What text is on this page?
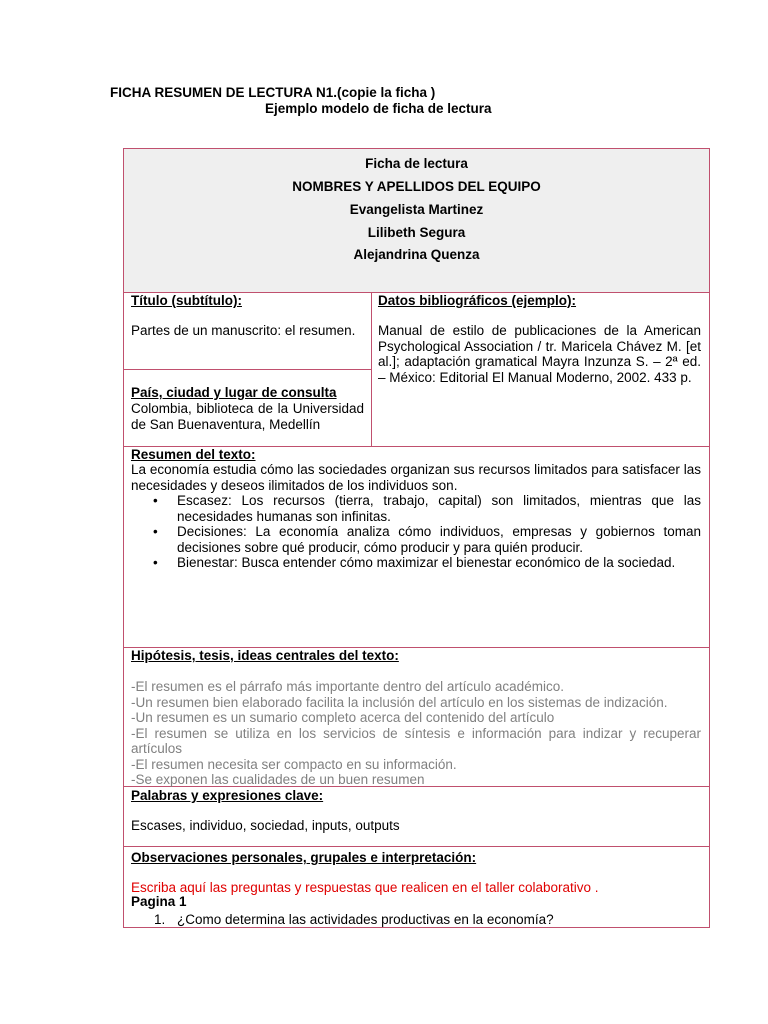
FICHA RESUMEN DE LECTURA N1.(copie la ficha )
Ejemplo modelo de ficha de lectura
Ficha de lectura
NOMBRES Y APELLIDOS DEL EQUIPO
Evangelista Martinez
Lilibeth Segura
Alejandrina Quenza
Título (subtítulo):
Partes de un manuscrito: el resumen.
Datos bibliográficos (ejemplo):
Manual de estilo de publicaciones de la American Psychological Association / tr. Maricela Chávez M. [et al.]; adaptación gramatical Mayra Inzunza S. – 2ª ed. – México: Editorial El Manual Moderno, 2002. 433 p.
País, ciudad y lugar de consulta
Colombia, biblioteca de la Universidad de San Buenaventura, Medellín
Resumen del texto:
La economía estudia cómo las sociedades organizan sus recursos limitados para satisfacer las necesidades y deseos ilimitados de los individuos son.
• Escasez: Los recursos (tierra, trabajo, capital) son limitados, mientras que las necesidades humanas son infinitas.
• Decisiones: La economía analiza cómo individuos, empresas y gobiernos toman decisiones sobre qué producir, cómo producir y para quién producir.
• Bienestar: Busca entender cómo maximizar el bienestar económico de la sociedad.
Hipótesis, tesis, ideas centrales del texto:
-El resumen es el párrafo más importante dentro del artículo académico.
-Un resumen bien elaborado facilita la inclusión del artículo en los sistemas de indización.
-Un resumen es un sumario completo acerca del contenido del artículo
-El resumen se utiliza en los servicios de síntesis e información para indizar y recuperar artículos
-El resumen necesita ser compacto en su información.
-Se exponen las cualidades de un buen resumen
Palabras y expresiones clave:
Escases, individuo, sociedad, inputs, outputs
Observaciones personales, grupales e interpretación:
Escriba aquí las preguntas y respuestas que realicen en el taller colaborativo .
Pagina 1
1. ¿Como determina las actividades productivas en la economía?
